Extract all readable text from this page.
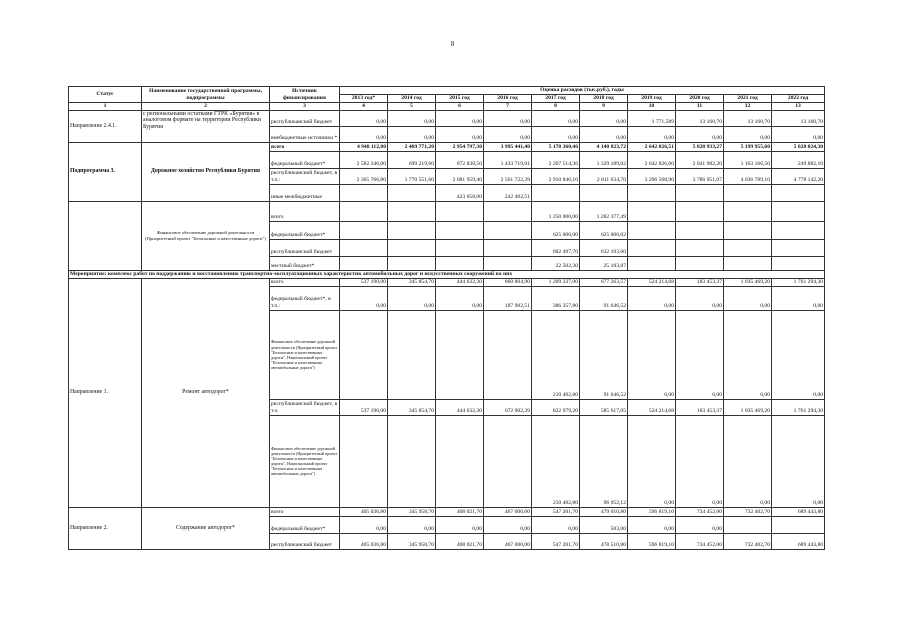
8
Статус	Наименование государственной программы, подпрограммы	Источник финансирования	Оценка расходов (тыс.руб.), годы									
			2013 год*	2014 год	2015 год	2016 год	2017 год	2018 год	2019 год	2020 год	2021 год	2022 год
1	2	3	4	5	6	7	8	9	10	11	12	13
Направление 2.4.1.	с региональными остатками ГТРК «Бурятия» в аналоговом формате на территории Республики Бурятия	республиканский бюджет	0,00	0,00	0,00	0,00	0,00	0,00	1 771,589	13 160,70	13 160,70	13 160,70
		внебюджетные источники *	0,00	0,00	0,00	0,00	0,00	0,00	0,00	0,00	0,00	0,00
Подпрограмма 3.	Дорожное хозяйство Республики Бурятия	всего	4 948 112,80	2 469 771,20	2 954 797,30	3 995 441,40	5 178 360,46	4 140 823,72	2 642 826,51	5 828 933,27	5 199 955,60	5 028 024,30
		федеральный бюджет*	2 582 346,00	699 219,60	872 838,50	1 433 719,01	2 267 514,36	1 329 189,02	2 642 826,60	2 041 982,20	1 163 166,50	249 882,10
		республиканский бюджет, в т.ч.:	2 365 766,80	1 770 551,60	2 081 959,40	2 561 722,39	2 910 846,10	2 811 634,70	3 296 568,90	3 786 951,07	4 036 789,10	4 778 142,20
		иные межбюджетные			423 058,00	242 402,51						
	Финансовое обеспечение дорожной деятельности (Приоритетный проект "Безопасные и качественные дороги")	всего					1 250 000,00	1 282 377,49				
		федеральный бюджет*					625 000,00	625 000,02				
		республиканский бюджет					602 497,70	632 193,60				
		местный бюджет*					22 502,30	25 183,87				
Мероприятие: комплекс работ по поддержанию и восстановлению транспортно-эксплуатационных характеристик автомобильных дорог и искусственных сооружений на них												
Направление 1.	Ремонт автодорог*	всего	537 190,00	345 854,70	444 632,30	860 804,90	1 209 337,00	677 263,57	524 214,68	183 453,37	1 035 469,20	1 761 294,30
		федеральный бюджет*, в т.ч.:	0,00	0,00	0,00	187 902,51	386 357,80	91 646,52	0,00	0,00	0,00	0,00
		Финансовое обеспечение дорожной деятельности (Приоритетный проект "Безопасные и качественные дороги", Национальный проект "Безопасные и качественные автомобильные дороги")					210 402,80	91 646,52	0,00	0,00	0,00	0,00
		республиканский бюджет, в т.ч.	537 190,00	345 854,70	444 632,30	672 902,39	822 979,20	585 617,05	524 214,68	183 453,37	1 035 469,20	1 761 294,30
		Финансовое обеспечение дорожной деятельности (Приоритетный проект "Безопасные и качественные дороги", Национальный проект "Безопасные и качественные автомобильные дороги")					210 402,80	96 952,12	0,00	0,00	0,00	0,00
Направление 2.	Содержание автодорог*	всего	405 036,80	345 958,70	408 021,70	467 000,00	547 201,70	479 010,80	596 819,10	734 452,00	732 402,70	689 443,80
		федеральный бюджет*	0,00	0,00	0,00	0,00	0,00	503,00	0,00	0,00		
		республиканский бюджет	405 036,80	345 958,70	408 021,70	467 000,00	547 201,70	478 510,80	596 819,10	734 452,00	732 402,70	689 443,80
